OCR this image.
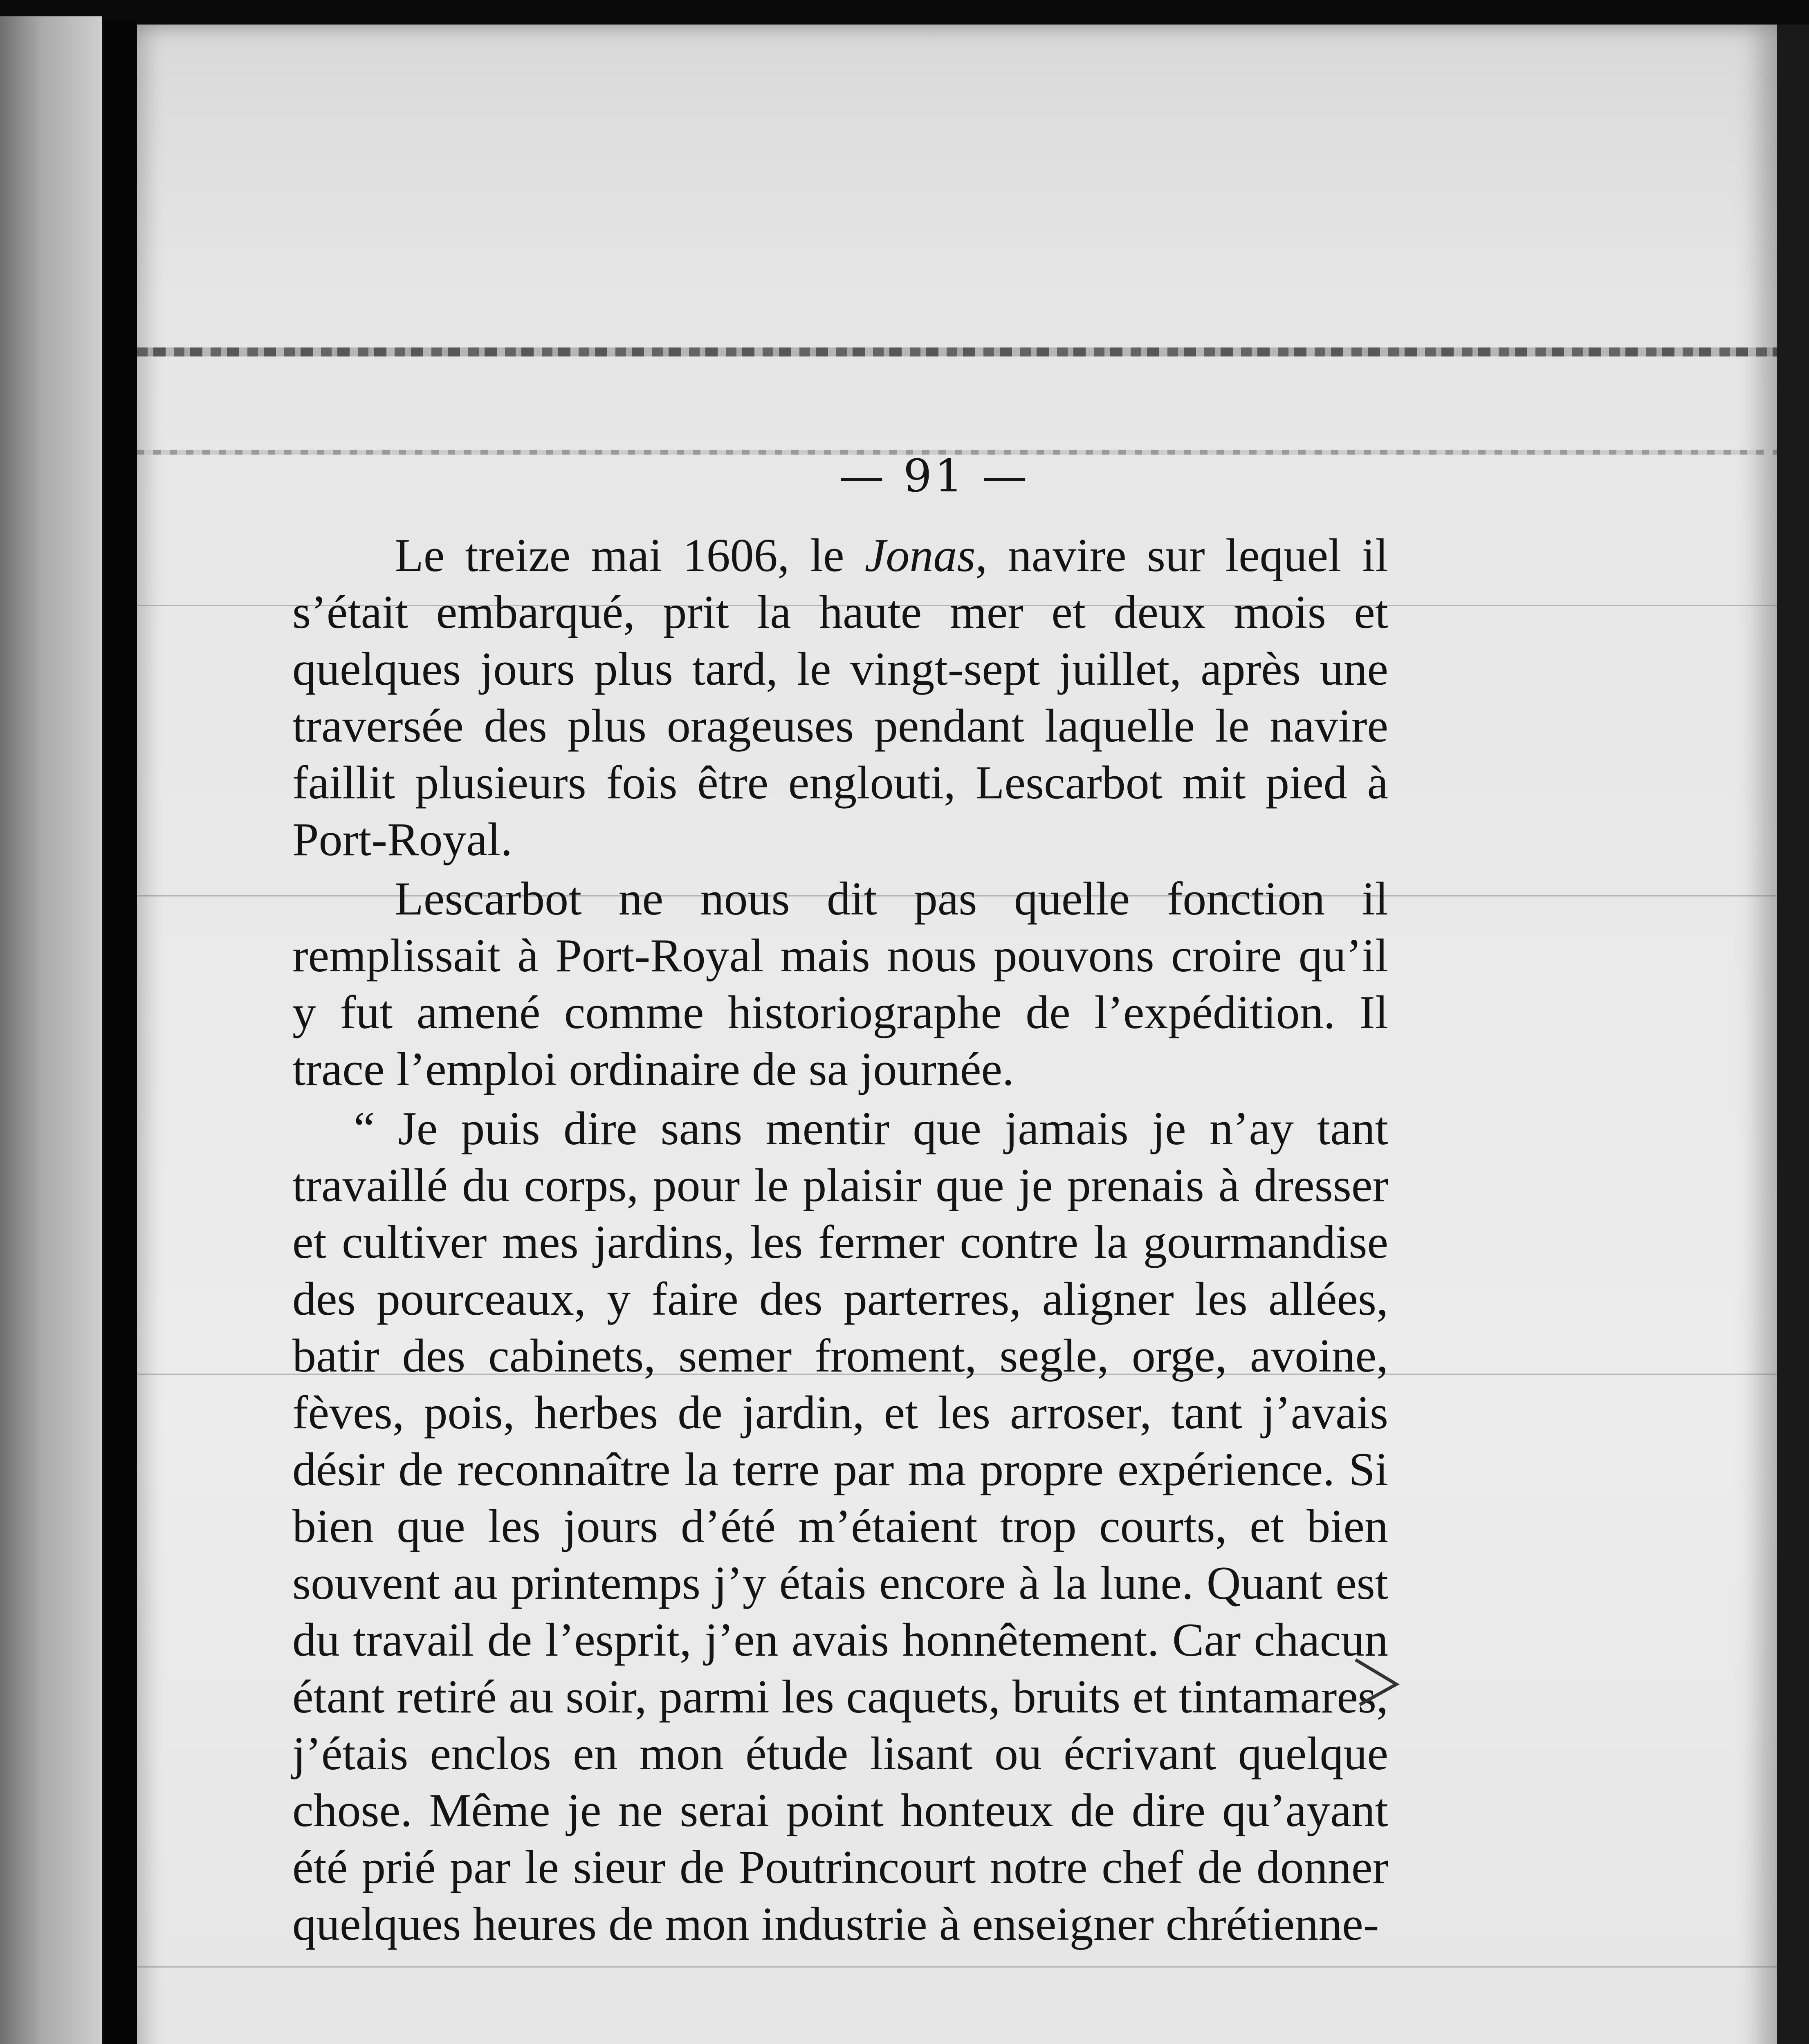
— 91 —

Le treize mai 1606, le Jonas, navire sur lequel il s’était embarqué, prit la haute mer et deux mois et quelques jours plus tard, le vingt-sept juillet, après une traversée des plus orageuses pendant laquelle le navire faillit plusieurs fois être englouti, Lescarbot mit pied à Port-Royal.

Lescarbot ne nous dit pas quelle fonction il remplissait à Port-Royal mais nous pouvons croire qu’il y fut amené comme historiographe de l’expédition. Il trace l’emploi ordinaire de sa journée.

“ Je puis dire sans mentir que jamais je n’ay tant travaillé du corps, pour le plaisir que je prenais à dresser et cultiver mes jardins, les fermer contre la gourmandise des pourceaux, y faire des parterres, aligner les allées, batir des cabinets, semer froment, segle, orge, avoine, fèves, pois, herbes de jardin, et les arroser, tant j’avais désir de reconnaître la terre par ma propre expérience. Si bien que les jours d’été m’étaient trop courts, et bien souvent au printemps j’y étais encore à la lune. Quant est du travail de l’esprit, j’en avais honnêtement. Car chacun étant retiré au soir, parmi les caquets, bruits et tintamares, j’étais enclos en mon étude lisant ou écrivant quelque chose. Même je ne serai point honteux de dire qu’ayant été prié par le sieur de Poutrincourt notre chef de donner quelques heures de mon industrie à enseigner chrétienne-
